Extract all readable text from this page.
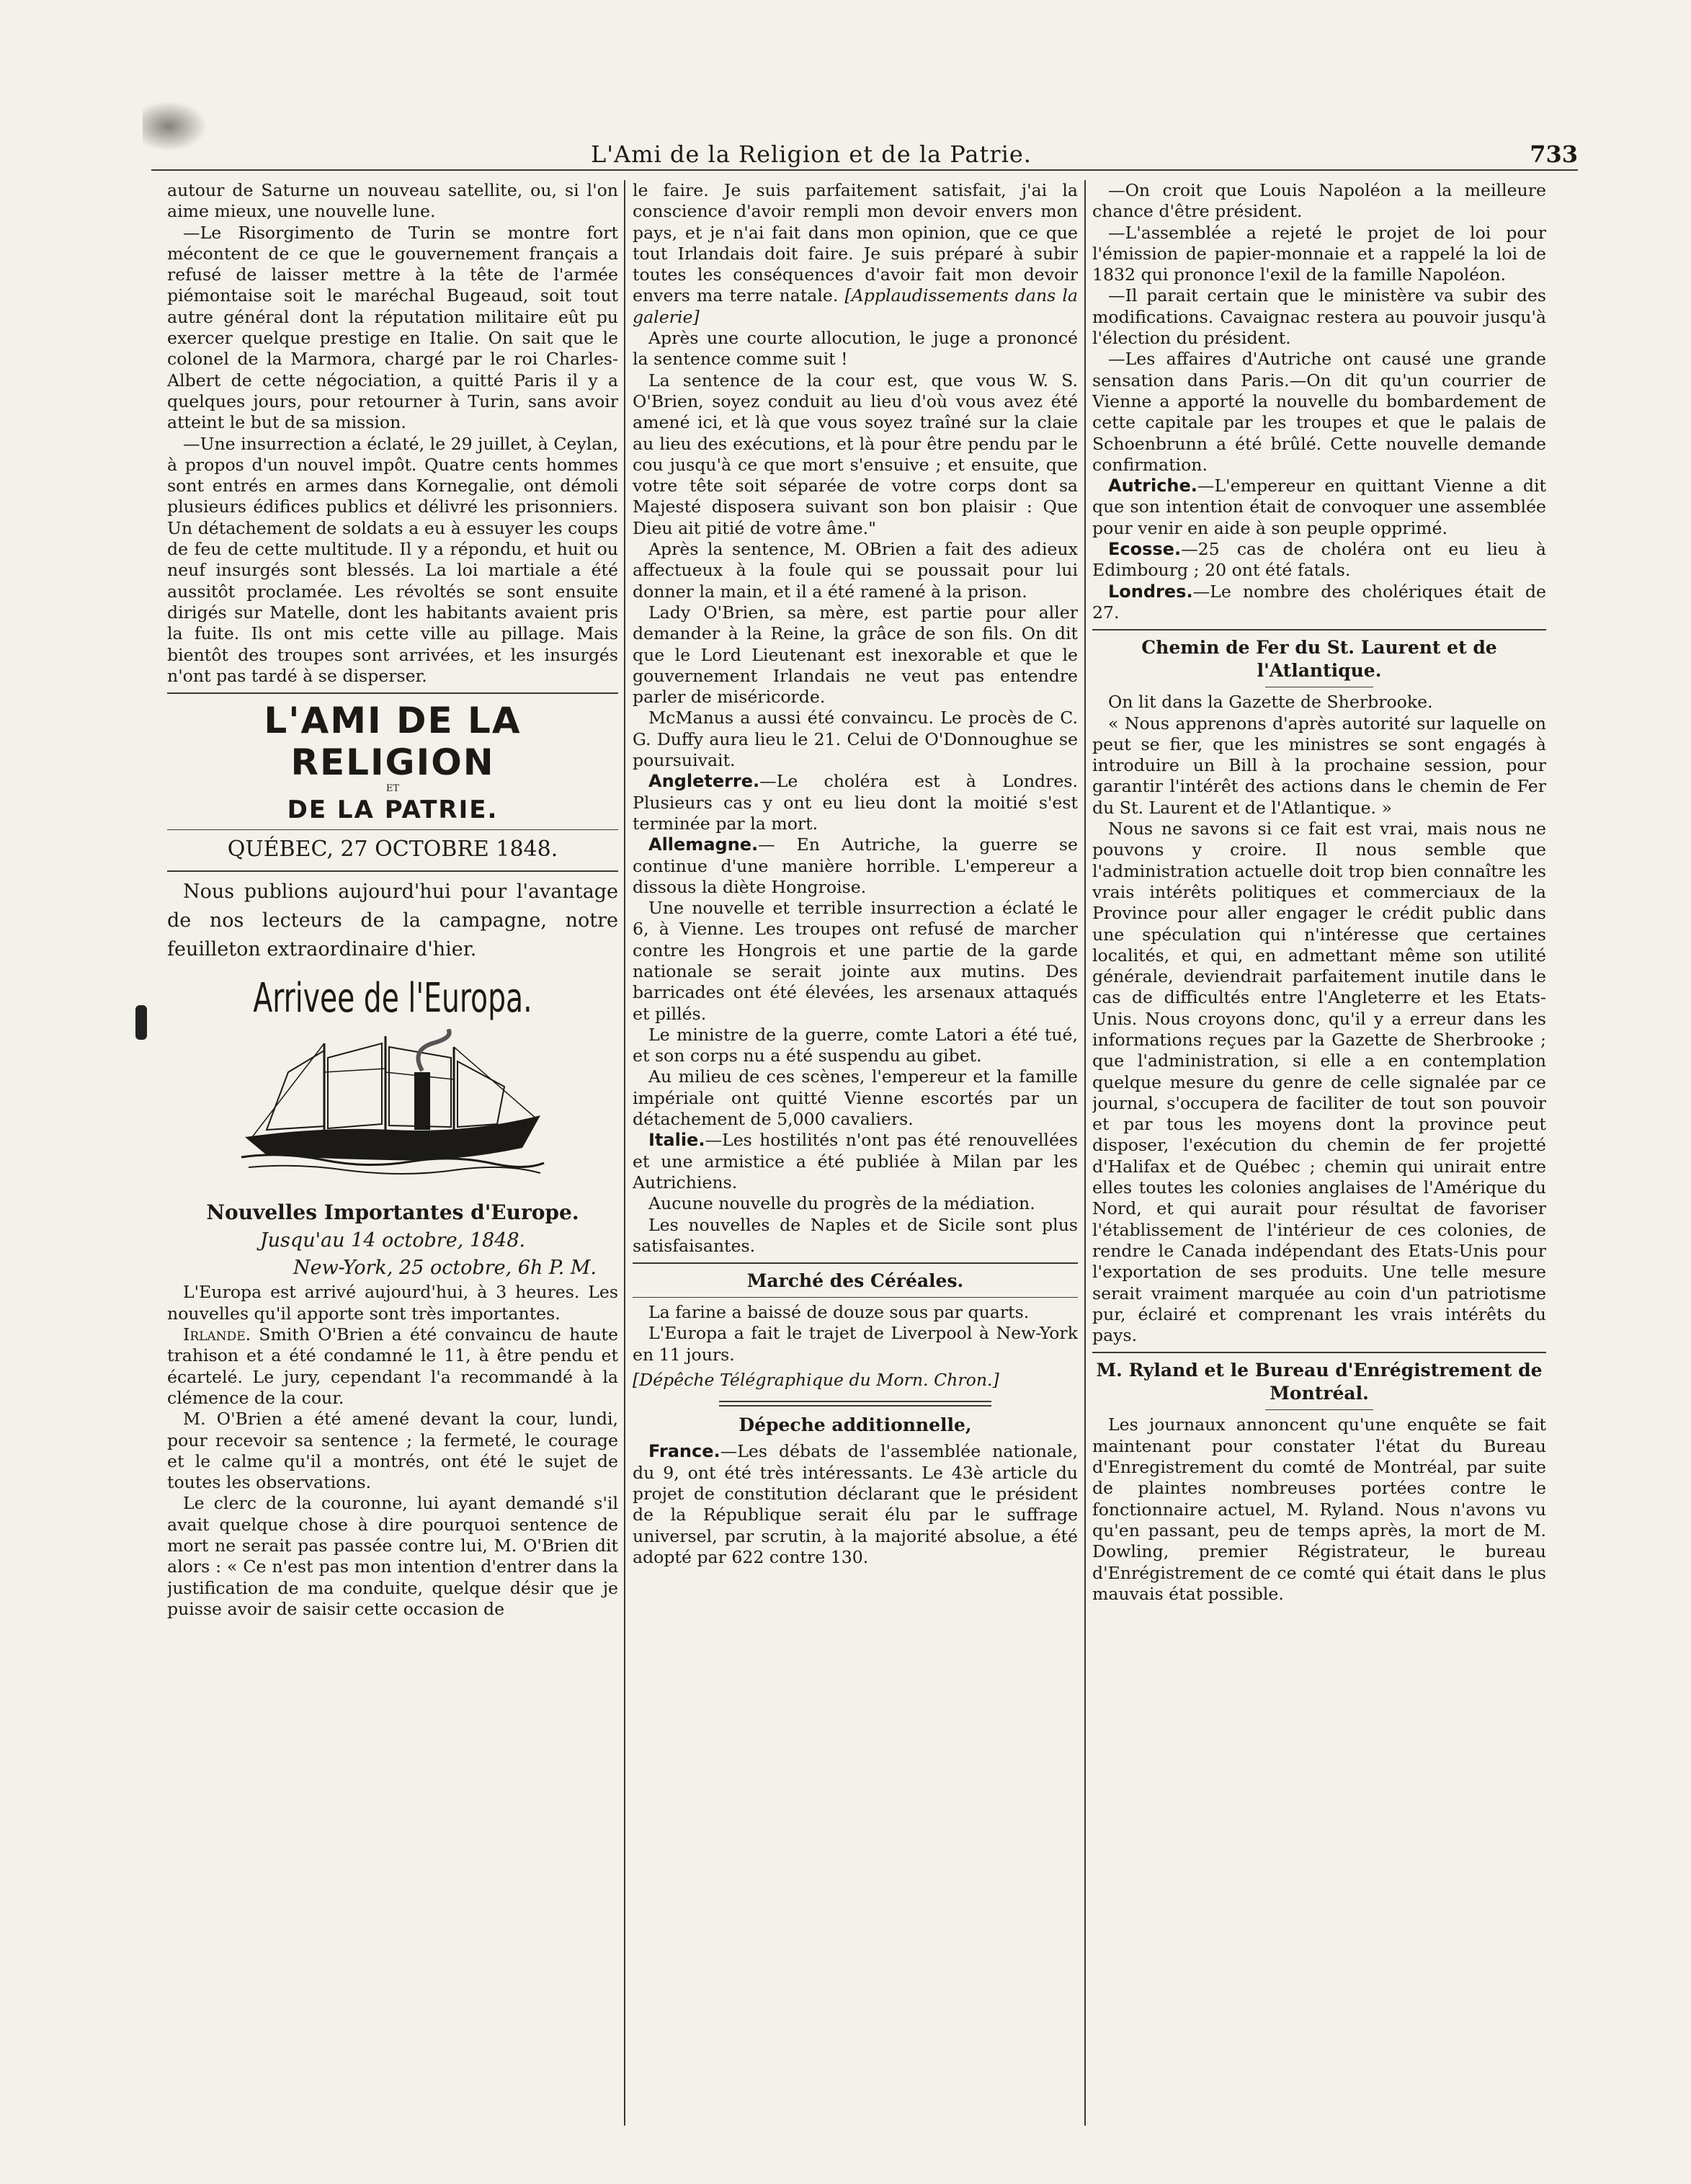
L'Ami de la Religion et de la Patrie.	733

autour de Saturne un nouveau satellite, ou, si l'on aime mieux, une nouvelle lune.

—Le Risorgimento de Turin se montre fort mécontent de ce que le gouvernement français a refusé de laisser mettre à la tête de l'armée piémontaise soit le maréchal Bugeaud, soit tout autre général dont la réputation militaire eût pu exercer quelque prestige en Italie. On sait que le colonel de la Marmora, chargé par le roi Charles-Albert de cette négociation, a quitté Paris il y a quelques jours, pour retourner à Turin, sans avoir atteint le but de sa mission.

—Une insurrection a éclaté, le 29 juillet, à Ceylan, à propos d'un nouvel impôt. Quatre cents hommes sont entrés en armes dans Kornegalie, ont démoli plusieurs édifices publics et délivré les prisonniers. Un détachement de soldats a eu à essuyer les coups de feu de cette multitude. Il y a répondu, et huit ou neuf insurgés sont blessés. La loi martiale a été aussitôt proclamée. Les révoltés se sont ensuite dirigés sur Matelle, dont les habitants avaient pris la fuite. Ils ont mis cette ville au pillage. Mais bientôt des troupes sont arrivées, et les insurgés n'ont pas tardé à se disperser.

L'AMI DE LA RELIGION
ET
DE LA PATRIE.
QUÉBEC, 27 OCTOBRE 1848.

Nous publions aujourd'hui pour l'avantage de nos lecteurs de la campagne, notre feuilleton extraordinaire d'hier.

Arrivee de l'Europa.
Nouvelles Importantes d'Europe.
Jusqu'au 14 octobre, 1848.
New-York, 25 octobre, 6h P. M.

L'Europa est arrivé aujourd'hui, à 3 heures. Les nouvelles qu'il apporte sont très importantes.

Irlande. Smith O'Brien a été convaincu de haute trahison et a été condamné le 11, à être pendu et écartelé. Le jury, cependant l'a recommandé à la clémence de la cour.

M. O'Brien a été amené devant la cour, lundi, pour recevoir sa sentence ; la fermeté, le courage et le calme qu'il a montrés, ont été le sujet de toutes les observations.

Le clerc de la couronne, lui ayant demandé s'il avait quelque chose à dire pourquoi sentence de mort ne serait pas passée contre lui, M. O'Brien dit alors : « Ce n'est pas mon intention d'entrer dans la justification de ma conduite, quelque désir que je puisse avoir de saisir cette occasion de

le faire. Je suis parfaitement satisfait, j'ai la conscience d'avoir rempli mon devoir envers mon pays, et je n'ai fait dans mon opinion, que ce que tout Irlandais doit faire. Je suis préparé à subir toutes les conséquences d'avoir fait mon devoir envers ma terre natale. [Applaudissements dans la galerie]

Après une courte allocution, le juge a prononcé la sentence comme suit !

La sentence de la cour est, que vous W. S. O'Brien, soyez conduit au lieu d'où vous avez été amené ici, et là que vous soyez traîné sur la claie au lieu des exécutions, et là pour être pendu par le cou jusqu'à ce que mort s'ensuive ; et ensuite, que votre tête soit séparée de votre corps dont sa Majesté disposera suivant son bon plaisir : Que Dieu ait pitié de votre âme."

Après la sentence, M. OBrien a fait des adieux affectueux à la foule qui se poussait pour lui donner la main, et il a été ramené à la prison.

Lady O'Brien, sa mère, est partie pour aller demander à la Reine, la grâce de son fils. On dit que le Lord Lieutenant est inexorable et que le gouvernement Irlandais ne veut pas entendre parler de miséricorde.

McManus a aussi été convaincu. Le procès de C. G. Duffy aura lieu le 21. Celui de O'Donnoughue se poursuivait.

Angleterre.—Le choléra est à Londres. Plusieurs cas y ont eu lieu dont la moitié s'est terminée par la mort.

Allemagne.— En Autriche, la guerre se continue d'une manière horrible. L'empereur a dissous la diète Hongroise.

Une nouvelle et terrible insurrection a éclaté le 6, à Vienne. Les troupes ont refusé de marcher contre les Hongrois et une partie de la garde nationale se serait jointe aux mutins. Des barricades ont été élevées, les arsenaux attaqués et pillés.

Le ministre de la guerre, comte Latori a été tué, et son corps nu a été suspendu au gibet.

Au milieu de ces scènes, l'empereur et la famille impériale ont quitté Vienne escortés par un détachement de 5,000 cavaliers.

Italie.—Les hostilités n'ont pas été renouvellées et une armistice a été publiée à Milan par les Autrichiens.

Aucune nouvelle du progrès de la médiation.

Les nouvelles de Naples et de Sicile sont plus satisfaisantes.

Marché des Céréales.

La farine a baissé de douze sous par quarts.

L'Europa a fait le trajet de Liverpool à New-York en 11 jours.

[Dépêche Télégraphique du Morn. Chron.]

Dépeche additionnelle,

France.—Les débats de l'assemblée nationale, du 9, ont été très intéressants. Le 43è article du projet de constitution déclarant que le président de la République serait élu par le suffrage universel, par scrutin, à la majorité absolue, a été adopté par 622 contre 130.

—On croit que Louis Napoléon a la meilleure chance d'être président.

—L'assemblée a rejeté le projet de loi pour l'émission de papier-monnaie et a rappelé la loi de 1832 qui prononce l'exil de la famille Napoléon.

—Il parait certain que le ministère va subir des modifications. Cavaignac restera au pouvoir jusqu'à l'élection du président.

—Les affaires d'Autriche ont causé une grande sensation dans Paris.—On dit qu'un courrier de Vienne a apporté la nouvelle du bombardement de cette capitale par les troupes et que le palais de Schoenbrunn a été brûlé. Cette nouvelle demande confirmation.

Autriche.—L'empereur en quittant Vienne a dit que son intention était de convoquer une assemblée pour venir en aide à son peuple opprimé.

Ecosse.—25 cas de choléra ont eu lieu à Edimbourg ; 20 ont été fatals.

Londres.—Le nombre des cholériques était de 27.

Chemin de Fer du St. Laurent et de l'Atlantique.

On lit dans la Gazette de Sherbrooke.

« Nous apprenons d'après autorité sur laquelle on peut se fier, que les ministres se sont engagés à introduire un Bill à la prochaine session, pour garantir l'intérêt des actions dans le chemin de Fer du St. Laurent et de l'Atlantique. »

Nous ne savons si ce fait est vrai, mais nous ne pouvons y croire. Il nous semble que l'administration actuelle doit trop bien connaître les vrais intérêts politiques et commerciaux de la Province pour aller engager le crédit public dans une spéculation qui n'intéresse que certaines localités, et qui, en admettant même son utilité générale, deviendrait parfaitement inutile dans le cas de difficultés entre l'Angleterre et les Etats-Unis. Nous croyons donc, qu'il y a erreur dans les informations reçues par la Gazette de Sherbrooke ; que l'administration, si elle a en contemplation quelque mesure du genre de celle signalée par ce journal, s'occupera de faciliter de tout son pouvoir et par tous les moyens dont la province peut disposer, l'exécution du chemin de fer projetté d'Halifax et de Québec ; chemin qui unirait entre elles toutes les colonies anglaises de l'Amérique du Nord, et qui aurait pour résultat de favoriser l'établissement de l'intérieur de ces colonies, de rendre le Canada indépendant des Etats-Unis pour l'exportation de ses produits. Une telle mesure serait vraiment marquée au coin d'un patriotisme pur, éclairé et comprenant les vrais intérêts du pays.

M. Ryland et le Bureau d'Enrégistrement de Montréal.

Les journaux annoncent qu'une enquête se fait maintenant pour constater l'état du Bureau d'Enregistrement du comté de Montréal, par suite de plaintes nombreuses portées contre le fonctionnaire actuel, M. Ryland. Nous n'avons vu qu'en passant, peu de temps après, la mort de M. Dowling, premier Régistrateur, le bureau d'Enrégistrement de ce comté qui était dans le plus mauvais état possible.
